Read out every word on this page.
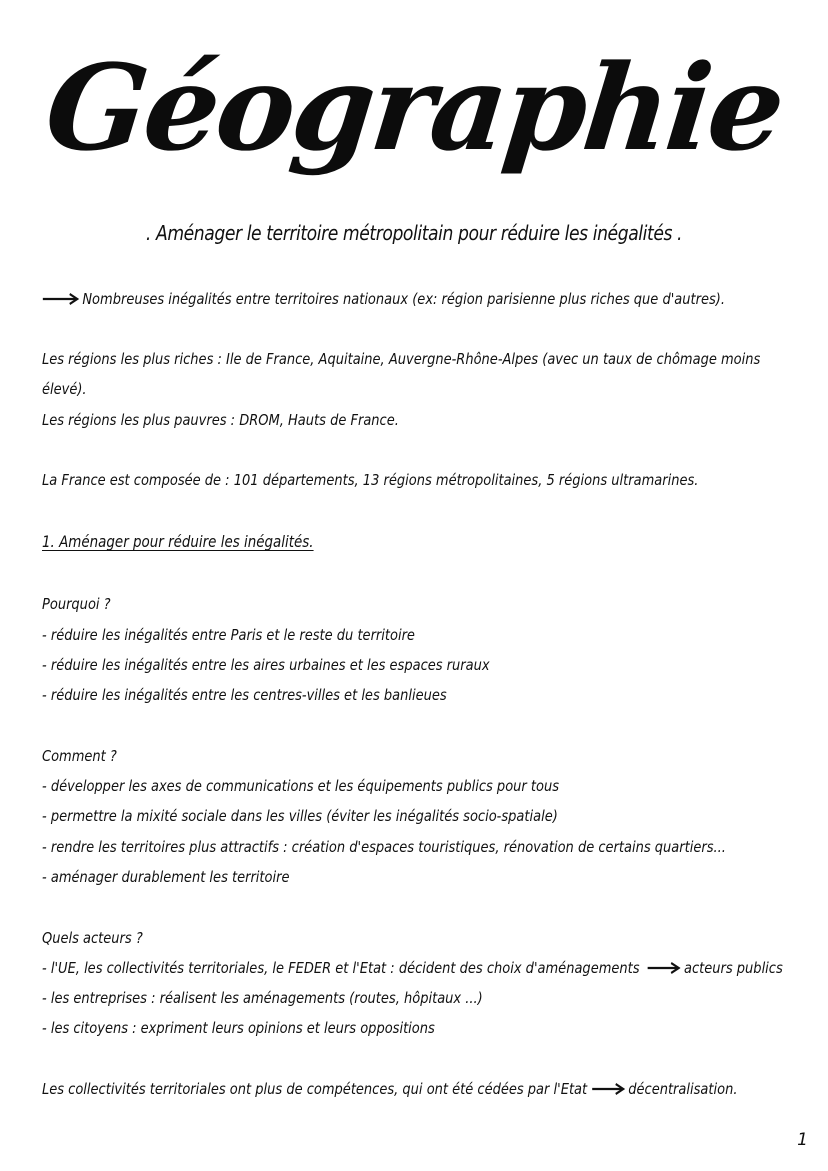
Géographie
. Aménager le territoire métropolitain pour réduire les inégalités .
Nombreuses inégalités entre territoires nationaux (ex: région parisienne plus riches que d'autres).
Les régions les plus riches : Ile de France, Aquitaine, Auvergne-Rhône-Alpes (avec un taux de chômage moins
élevé).
Les régions les plus pauvres : DROM, Hauts de France.
La France est composée de : 101 départements, 13 régions métropolitaines, 5 régions ultramarines.
1. Aménager pour réduire les inégalités.
Pourquoi ?
- réduire les inégalités entre Paris et le reste du territoire
- réduire les inégalités entre les aires urbaines et les espaces ruraux
- réduire les inégalités entre les centres-villes et les banlieues
Comment ?
- développer les axes de communications et les équipements publics pour tous
- permettre la mixité sociale dans les villes (éviter les inégalités socio-spatiale)
- rendre les territoires plus attractifs : création d'espaces touristiques, rénovation de certains quartiers...
- aménager durablement les territoire
Quels acteurs ?
- l'UE, les collectivités territoriales, le FEDER et l'Etat : décident des choix d'aménagements	acteurs publics
- les entreprises : réalisent les aménagements (routes, hôpitaux ...)
- les citoyens : expriment leurs opinions et leurs oppositions
Les collectivités territoriales ont plus de compétences, qui ont été cédées par l'Etat	décentralisation.
1
